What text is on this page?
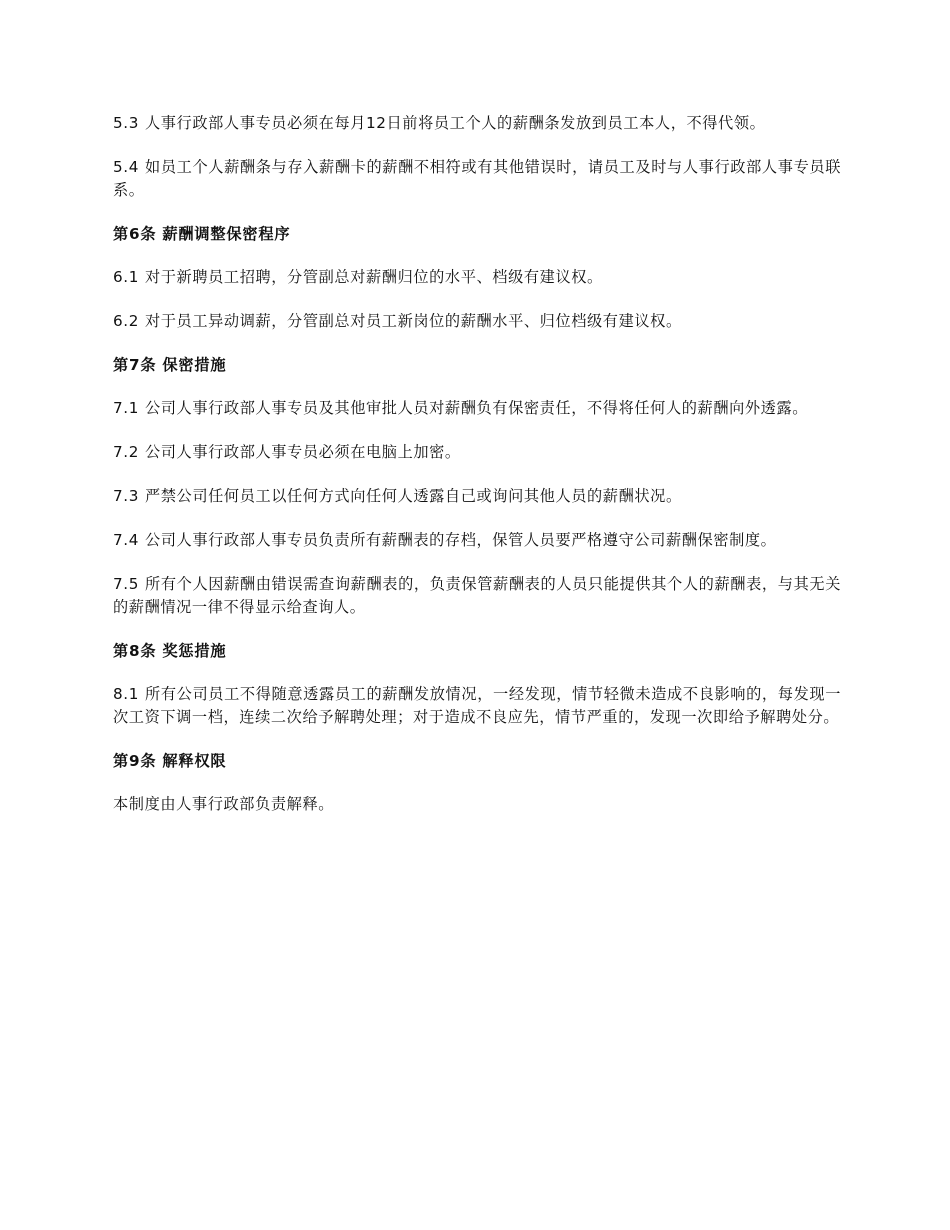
5.3 人事行政部人事专员必须在每月12日前将员工个人的薪酬条发放到员工本人，不得代领。

5.4 如员工个人薪酬条与存入薪酬卡的薪酬不相符或有其他错误时，请员工及时与人事行政部人事专员联系。

第6条 薪酬调整保密程序

6.1 对于新聘员工招聘，分管副总对薪酬归位的水平、档级有建议权。

6.2 对于员工异动调薪，分管副总对员工新岗位的薪酬水平、归位档级有建议权。

第7条 保密措施

7.1 公司人事行政部人事专员及其他审批人员对薪酬负有保密责任，不得将任何人的薪酬向外透露。

7.2 公司人事行政部人事专员必须在电脑上加密。

7.3 严禁公司任何员工以任何方式向任何人透露自己或询问其他人员的薪酬状况。

7.4 公司人事行政部人事专员负责所有薪酬表的存档，保管人员要严格遵守公司薪酬保密制度。

7.5 所有个人因薪酬由错误需查询薪酬表的，负责保管薪酬表的人员只能提供其个人的薪酬表，与其无关的薪酬情况一律不得显示给查询人。

第8条 奖惩措施

8.1 所有公司员工不得随意透露员工的薪酬发放情况，一经发现，情节轻微未造成不良影响的，每发现一次工资下调一档，连续二次给予解聘处理；对于造成不良应先，情节严重的，发现一次即给予解聘处分。

第9条 解释权限

本制度由人事行政部负责解释。
